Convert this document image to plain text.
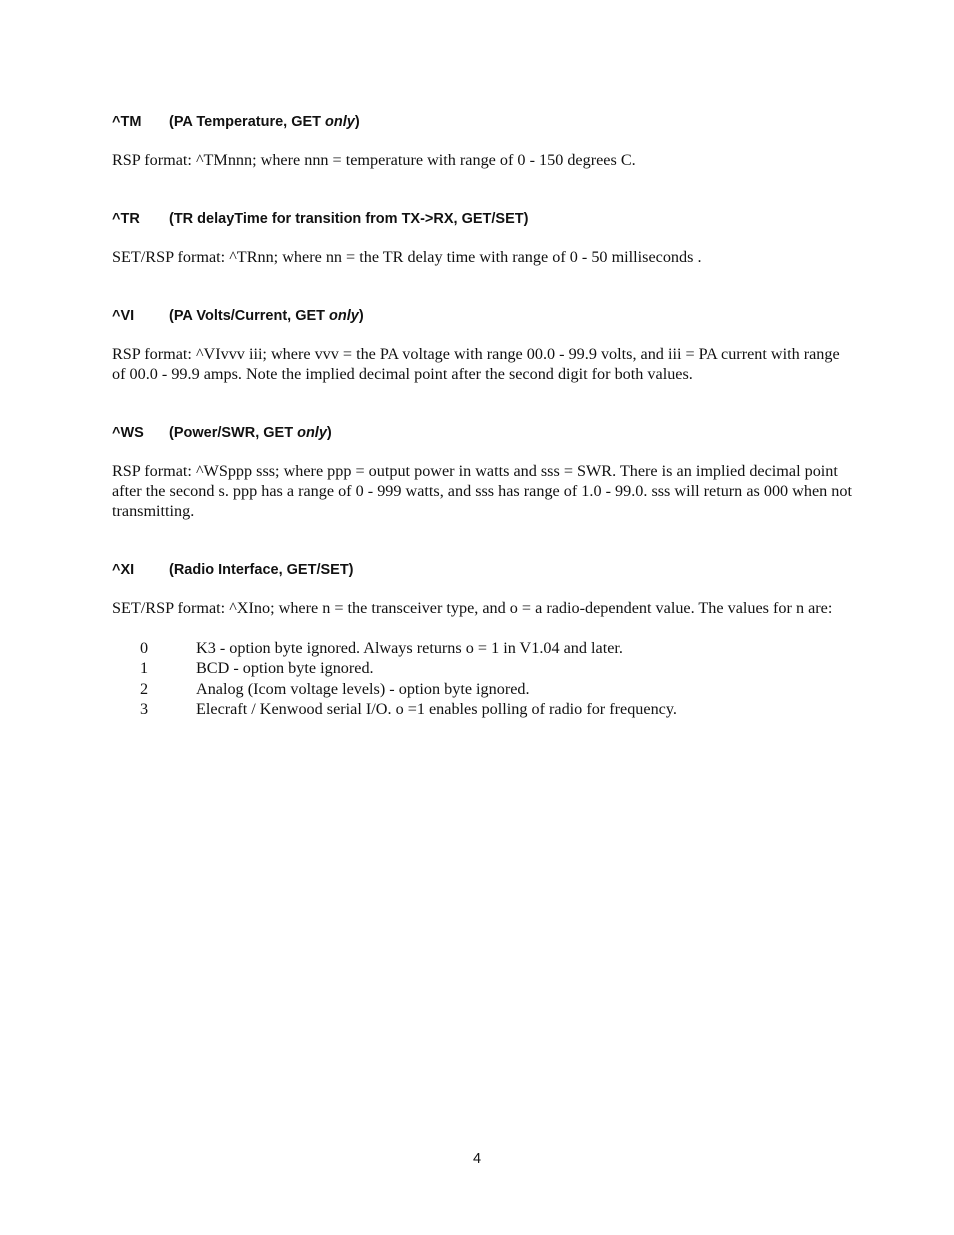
^TM (PA Temperature, GET only)
RSP format: ^TMnnn; where nnn = temperature with range of 0 - 150 degrees C.
^TR (TR delayTime for transition from TX->RX, GET/SET)
SET/RSP format: ^TRnn; where nn = the TR delay time with range of 0 - 50 milliseconds .
^VI (PA Volts/Current, GET only)
RSP format: ^VIvvv iii; where vvv = the PA voltage with range 00.0 - 99.9 volts, and iii = PA current with range of 00.0 - 99.9 amps. Note the implied decimal point after the second digit for both values.
^WS (Power/SWR, GET only)
RSP format: ^WSppp sss; where ppp = output power in watts and sss = SWR. There is an implied decimal point after the second s. ppp has a range of 0 - 999 watts, and sss has range of 1.0 - 99.0. sss will return as 000 when not transmitting.
^XI (Radio Interface, GET/SET)
SET/RSP format: ^XIno; where n = the transceiver type, and o = a radio-dependent value. The values for n are:
0	K3 - option byte ignored. Always returns o = 1 in V1.04 and later.
1	BCD - option byte ignored.
2	Analog (Icom voltage levels) - option byte ignored.
3	Elecraft / Kenwood serial I/O. o =1 enables polling of radio for frequency.
4
